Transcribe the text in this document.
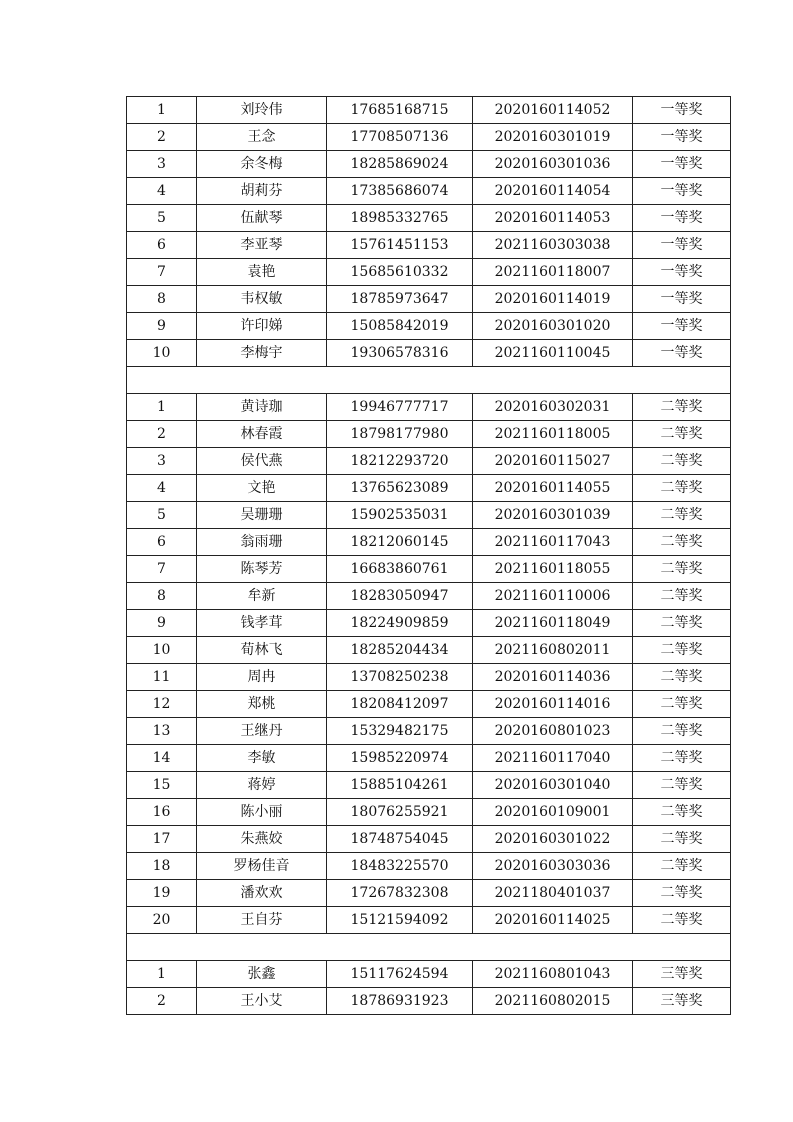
1	刘玲伟	17685168715	2020160114052	一等奖
2	王念	17708507136	2020160301019	一等奖
3	余冬梅	18285869024	2020160301036	一等奖
4	胡莉芬	17385686074	2020160114054	一等奖
5	伍献琴	18985332765	2020160114053	一等奖
6	李亚琴	15761451153	2021160303038	一等奖
7	袁艳	15685610332	2021160118007	一等奖
8	韦权敏	18785973647	2020160114019	一等奖
9	许印娣	15085842019	2020160301020	一等奖
10	李梅宇	19306578316	2021160110045	一等奖

1	黄诗珈	19946777717	2020160302031	二等奖
2	林春霞	18798177980	2021160118005	二等奖
3	侯代燕	18212293720	2020160115027	二等奖
4	文艳	13765623089	2020160114055	二等奖
5	吴珊珊	15902535031	2020160301039	二等奖
6	翁雨珊	18212060145	2021160117043	二等奖
7	陈琴芳	16683860761	2021160118055	二等奖
8	牟新	18283050947	2021160110006	二等奖
9	钱孝茸	18224909859	2021160118049	二等奖
10	荀林飞	18285204434	2021160802011	二等奖
11	周冉	13708250238	2020160114036	二等奖
12	郑桃	18208412097	2020160114016	二等奖
13	王继丹	15329482175	2020160801023	二等奖
14	李敏	15985220974	2021160117040	二等奖
15	蒋婷	15885104261	2020160301040	二等奖
16	陈小丽	18076255921	2020160109001	二等奖
17	朱燕姣	18748754045	2020160301022	二等奖
18	罗杨佳音	18483225570	2020160303036	二等奖
19	潘欢欢	17267832308	2021180401037	二等奖
20	王自芬	15121594092	2020160114025	二等奖

1	张鑫	15117624594	2021160801043	三等奖
2	王小艾	18786931923	2021160802015	三等奖
